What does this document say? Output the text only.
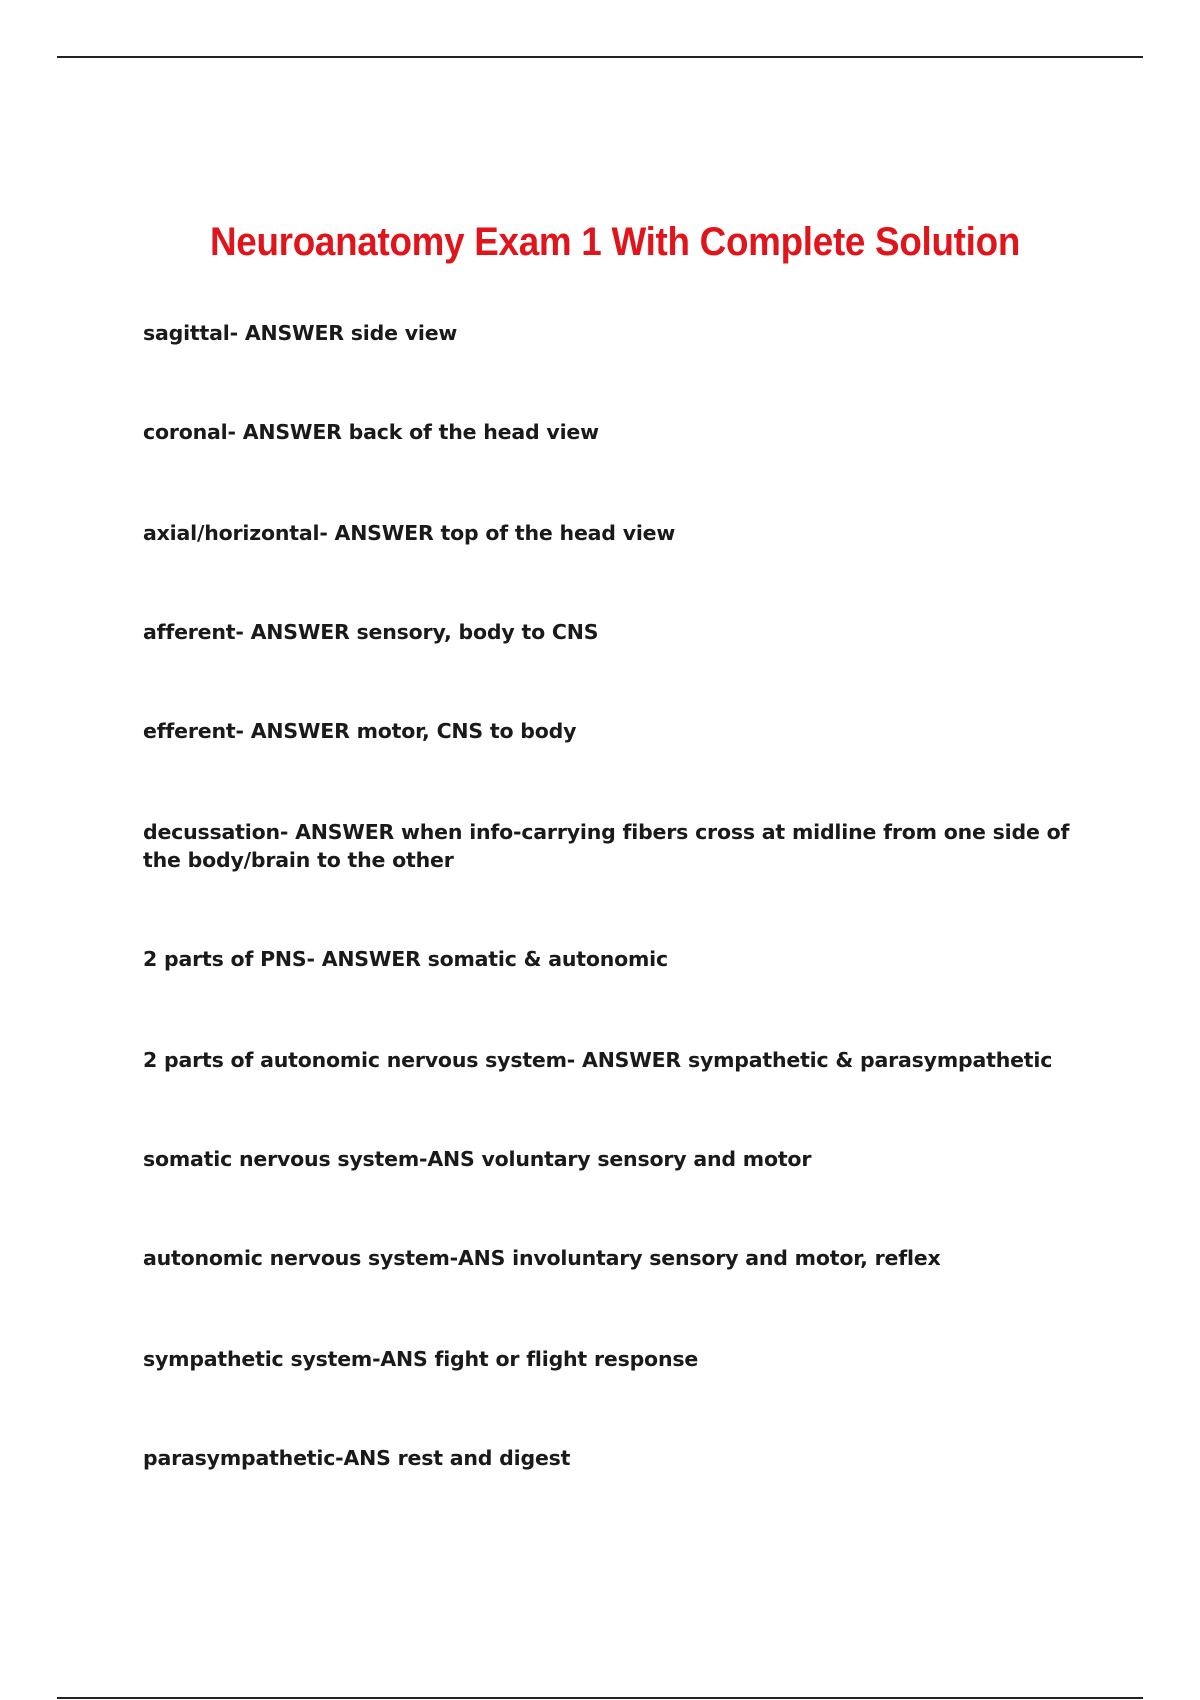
Neuroanatomy Exam 1 With Complete Solution

sagittal- ANSWER side view

coronal- ANSWER back of the head view

axial/horizontal- ANSWER top of the head view

afferent- ANSWER sensory, body to CNS

efferent- ANSWER motor, CNS to body

decussation- ANSWER when info-carrying fibers cross at midline from one side of the body/brain to the other

2 parts of PNS- ANSWER somatic & autonomic

2 parts of autonomic nervous system- ANSWER sympathetic & parasympathetic

somatic nervous system-ANS voluntary sensory and motor

autonomic nervous system-ANS involuntary sensory and motor, reflex

sympathetic system-ANS fight or flight response

parasympathetic-ANS rest and digest
